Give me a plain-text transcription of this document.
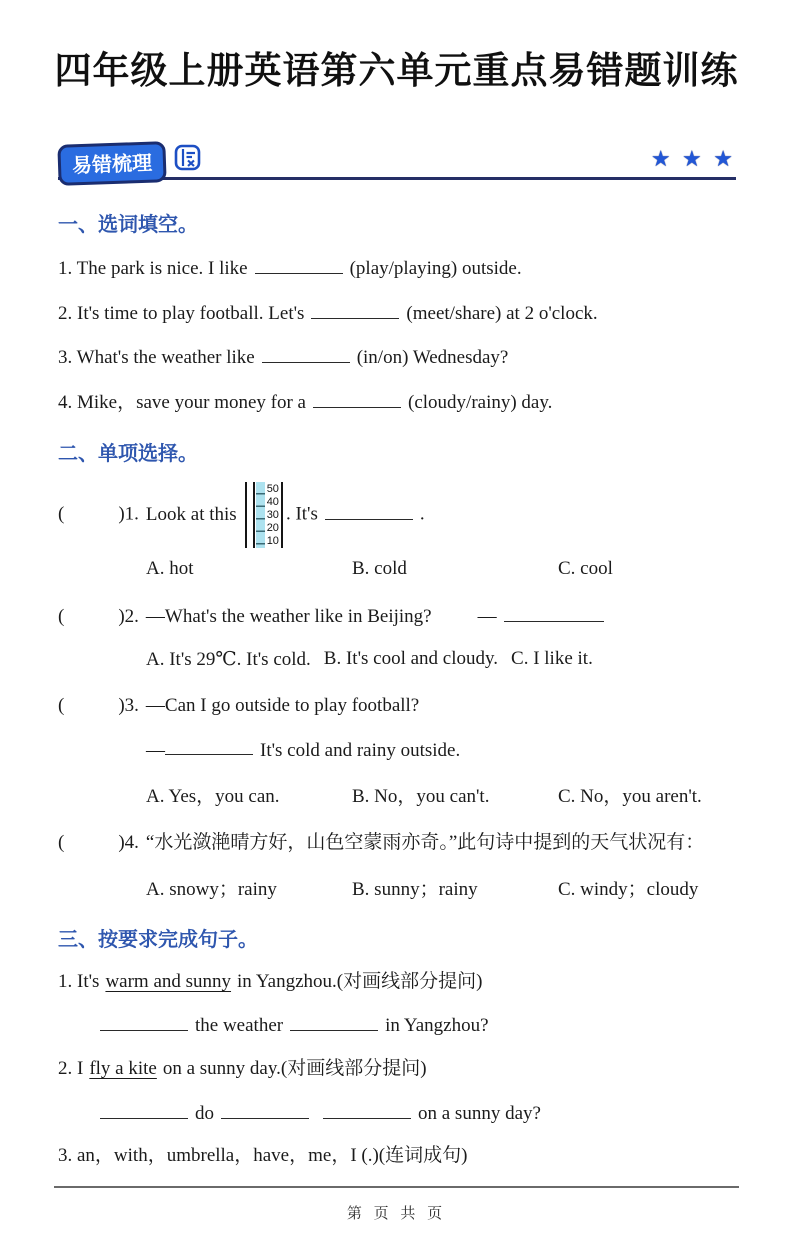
四年级上册英语第六单元重点易错题训练
易错梳理	★ ★ ★
一、选词填空。

1. The park is nice. I like	(play/playing) outside.

2. It's time to play football. Let's	(meet/share) at 2 o'clock.

3. What's the weather like	(in/on) Wednesday?

4. Mike，save your money for a	(cloudy/rainy) day.

二、单项选择。

(	)1. Look at this
50
40
30
20
10
. It's	.

A. hot	B. cold	C. cool

(	)2. —What's the weather like in Beijing? —

A. It's 29℃. It's cold. B. It's cool and cloudy. C. I like it.

(	)3. —Can I go outside to play football?

—	It's cold and rainy outside.

A. Yes，you can.	B. No，you can't.	C. No，you aren't.

(	)4. “水光潋滟晴方好，山色空蒙雨亦奇。”此句诗中提到的天气状况有：

A. snowy；rainy	B. sunny；rainy	C. windy；cloudy
三、按要求完成句子。

1. It's warm and sunny in Yangzhou.(对画线部分提问)

the weather	in Yangzhou?

2. I fly a kite on a sunny day.(对画线部分提问)

do	on a sunny day?

3. an，with，umbrella，have，me，I (.)(连词成句)

第 页 共 页
